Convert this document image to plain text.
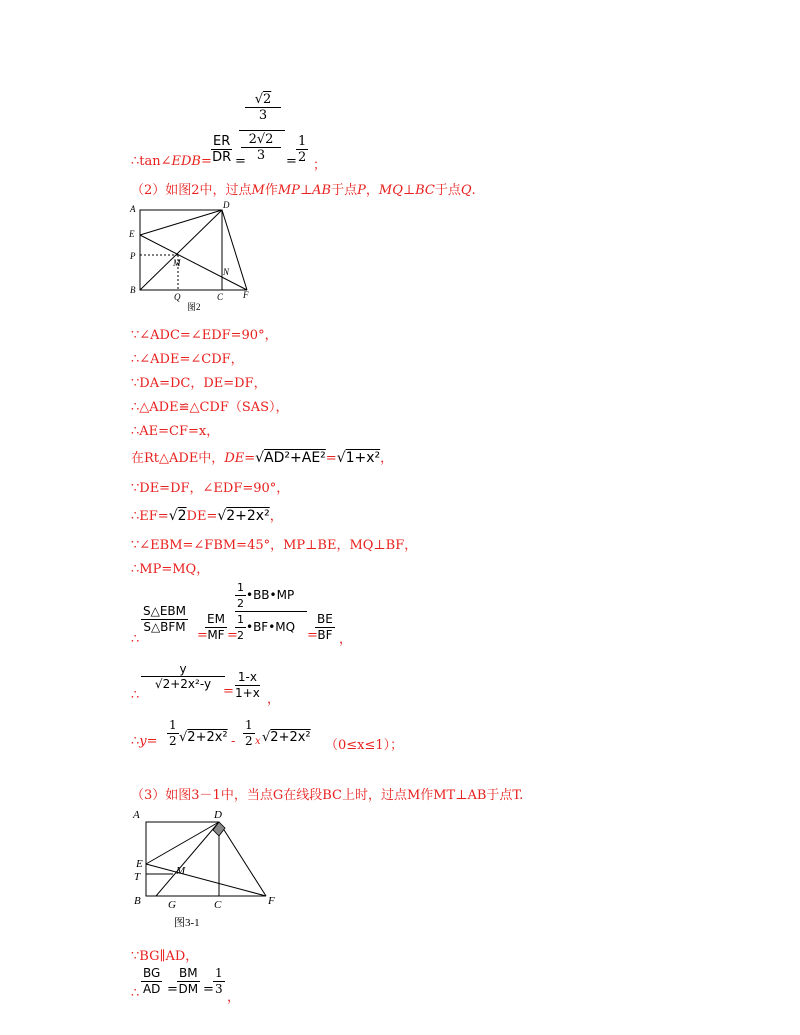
$\frac{√2}{3}$
2√2
3
$\frac{ER}{DR}$	$\frac{1}{2}$
∴tan∠EDB= =	= ；
（2）如图2中，过点M作MP⊥AB于点P，MQ⊥BC于点Q.
A	D
E
P
M
N
B
Q	C F
图2
∵∠ADC=∠EDF=90°，
∴∠ADE=∠CDF，
∵DA=DC，DE=DF，
∴△ADE≌△CDF（SAS），
∴AE=CF=x，
在Rt△ADE中，DE=√AD²+AE²=√1+x²，
∵DE=DF，∠EDF=90°，
∴EF=√2DE=√2+2x²，
∵∠EBM=∠FBM=45°，MP⊥BE，MQ⊥BF，
∴MP=MQ，
S△EBM
S△BFM $\frac{EM}{MF}$
$\frac{1}{2}$ •BB•MP
$\frac{1}{2}$ •BF•MQ	$\frac{BE}{BF}$
∴	= =	= ，
y
√2+2x²-y	$\frac{1-x}{1+x}$
∴	=
，
∴y= $\frac{1}{2} √2+2x^2 - \frac{1}{2}$ x √2+2x²
（0≤x≤1）；
（3）如图3－1中，当点G在线段BC上时，过点M作MT⊥AB于点T.
A	D
E
T	M
B G	C	F
图3-1
∵BG∥AD，
$\frac{BG}{AD} \frac{BM}{DM} \frac{1}{3}$
∴ = =
，
